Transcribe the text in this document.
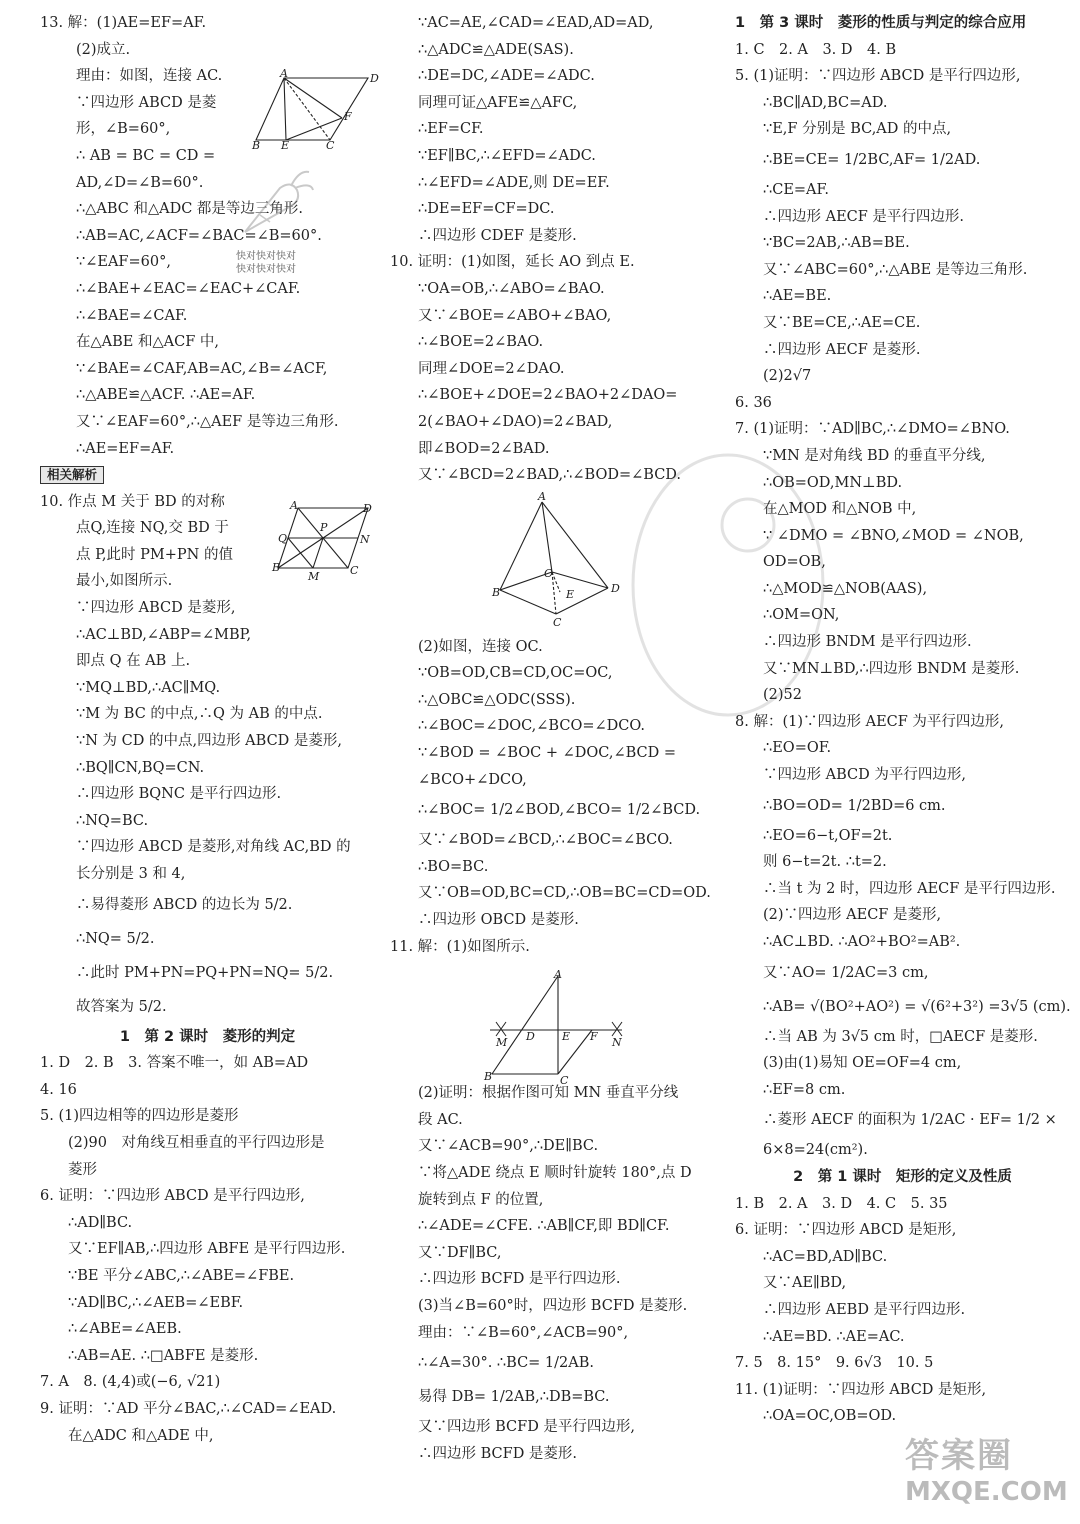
13. 解：(1)AE=EF=AF.
(2)成立.
理由：如图，连接 AC.
∵四边形 ABCD 是菱
形，∠B=60°,
∴ AB = BC = CD =
AD,∠D=∠B=60°.
∴△ABC 和△ADC 都是等边三角形.
∴AB=AC,∠ACF=∠BAC=∠B=60°.
∵∠EAF=60°,
∴∠BAE+∠EAC=∠EAC+∠CAF.
∴∠BAE=∠CAF.
在△ABE 和△ACF 中,
∵∠BAE=∠CAF,AB=AC,∠B=∠ACF,
∴△ABE≌△ACF. ∴AE=AF.
又∵∠EAF=60°,∴△AEF 是等边三角形.
∴AE=EF=AF.
相关解析
10. 作点 M 关于 BD 的对称
点Q,连接 NQ,交 BD 于
点 P,此时 PM+PN 的值
最小,如图所示.
∵四边形 ABCD 是菱形,
∴AC⊥BD,∠ABP=∠MBP,
即点 Q 在 AB 上.
∵MQ⊥BD,∴AC∥MQ.
∵M 为 BC 的中点,∴Q 为 AB 的中点.
∵N 为 CD 的中点,四边形 ABCD 是菱形,
∴BQ∥CN,BQ=CN.
∴四边形 BQNC 是平行四边形.
∴NQ=BC.
∵四边形 ABCD 是菱形,对角线 AC,BD 的
长分别是 3 和 4,
∴易得菱形 ABCD 的边长为 5/2.
∴NQ= 5/2.
∴此时 PM+PN=PQ+PN=NQ= 5/2.
故答案为 5/2.
1　第 2 课时　菱形的判定
1. D　2. B　3. 答案不唯一，如 AB=AD
4. 16
5. (1)四边相等的四边形是菱形
(2)90　对角线互相垂直的平行四边形是
菱形
6. 证明：∵四边形 ABCD 是平行四边形,
∴AD∥BC.
又∵EF∥AB,∴四边形 ABFE 是平行四边形.
∵BE 平分∠ABC,∴∠ABE=∠FBE.
∵AD∥BC,∴∠AEB=∠EBF.
∴∠ABE=∠AEB.
∴AB=AE. ∴□ABFE 是菱形.
7. A　8. (4,4)或(−6, √21)
9. 证明：∵AD 平分∠BAC,∴∠CAD=∠EAD.
在△ADC 和△ADE 中,
∵AC=AE,∠CAD=∠EAD,AD=AD,
∴△ADC≌△ADE(SAS).
∴DE=DC,∠ADE=∠ADC.
同理可证△AFE≌△AFC,
∴EF=CF.
∵EF∥BC,∴∠EFD=∠ADC.
∴∠EFD=∠ADE,则 DE=EF.
∴DE=EF=CF=DC.
∴四边形 CDEF 是菱形.
10. 证明：(1)如图，延长 AO 到点 E.
∵OA=OB,∴∠ABO=∠BAO.
又∵∠BOE=∠ABO+∠BAO,
∴∠BOE=2∠BAO.
同理∠DOE=2∠DAO.
∴∠BOE+∠DOE=2∠BAO+2∠DAO=
2(∠BAO+∠DAO)=2∠BAD,
即∠BOD=2∠BAD.
又∵∠BCD=2∠BAD,∴∠BOD=∠BCD.
(2)如图，连接 OC.
∵OB=OD,CB=CD,OC=OC,
∴△OBC≌△ODC(SSS).
∴∠BOC=∠DOC,∠BCO=∠DCO.
∵∠BOD = ∠BOC + ∠DOC,∠BCD =
∠BCO+∠DCO,
∴∠BOC= 1/2∠BOD,∠BCO= 1/2∠BCD.
又∵∠BOD=∠BCD,∴∠BOC=∠BCO.
∴BO=BC.
又∵OB=OD,BC=CD,∴OB=BC=CD=OD.
∴四边形 OBCD 是菱形.
11. 解：(1)如图所示.
(2)证明：根据作图可知 MN 垂直平分线
段 AC.
又∵∠ACB=90°,∴DE∥BC.
∵将△ADE 绕点 E 顺时针旋转 180°,点 D
旋转到点 F 的位置,
∴∠ADE=∠CFE. ∴AB∥CF,即 BD∥CF.
又∵DF∥BC,
∴四边形 BCFD 是平行四边形.
(3)当∠B=60°时，四边形 BCFD 是菱形.
理由：∵∠B=60°,∠ACB=90°,
∴∠A=30°. ∴BC= 1/2AB.
易得 DB= 1/2AB,∴DB=BC.
又∵四边形 BCFD 是平行四边形,
∴四边形 BCFD 是菱形.
1　第 3 课时　菱形的性质与判定的综合应用
1. C　2. A　3. D　4. B
5. (1)证明：∵四边形 ABCD 是平行四边形,
∴BC∥AD,BC=AD.
∵E,F 分别是 BC,AD 的中点,
∴BE=CE= 1/2BC,AF= 1/2AD.
∴CE=AF.
∴四边形 AECF 是平行四边形.
∵BC=2AB,∴AB=BE.
又∵∠ABC=60°,∴△ABE 是等边三角形.
∴AE=BE.
又∵BE=CE,∴AE=CE.
∴四边形 AECF 是菱形.
(2)2√7
6. 36
7. (1)证明：∵AD∥BC,∴∠DMO=∠BNO.
∵MN 是对角线 BD 的垂直平分线,
∴OB=OD,MN⊥BD.
在△MOD 和△NOB 中,
∵ ∠DMO = ∠BNO,∠MOD = ∠NOB,
OD=OB,
∴△MOD≌△NOB(AAS),
∴OM=ON,
∴四边形 BNDM 是平行四边形.
又∵MN⊥BD,∴四边形 BNDM 是菱形.
(2)52
8. 解：(1)∵四边形 AECF 为平行四边形,
∴EO=OF.
∵四边形 ABCD 为平行四边形,
∴BO=OD= 1/2BD=6 cm.
∴EO=6−t,OF=2t.
则 6−t=2t. ∴t=2.
∴当 t 为 2 时，四边形 AECF 是平行四边形.
(2)∵四边形 AECF 是菱形,
∴AC⊥BD. ∴AO²+BO²=AB².
又∵AO= 1/2AC=3 cm,
∴AB= √(BO²+AO²) = √(6²+3²) =3√5 (cm).
∴当 AB 为 3√5 cm 时，□AECF 是菱形.
(3)由(1)易知 OE=OF=4 cm,
∴EF=8 cm.
∴菱形 AECF 的面积为 1/2AC · EF= 1/2 ×
6×8=24(cm²).
2　第 1 课时　矩形的定义及性质
1. B　2. A　3. D　4. C　5. 35
6. 证明：∵四边形 ABCD 是矩形,
∴AC=BD,AD∥BC.
又∵AE∥BD,
∴四边形 AEBD 是平行四边形.
∴AE=BD. ∴AE=AC.
7. 5　8. 15°　9. 6√3　10. 5
11. (1)证明：∵四边形 ABCD 是矩形,
∴OA=OC,OB=OD.
A	D
B E	C
F
A	D
B	C
Q	N
P
M
A
B	D
C
O
E
A
B	C
D E F
M	N
快对快对快对
快对快对快对
答案圈
MXQE.COM
